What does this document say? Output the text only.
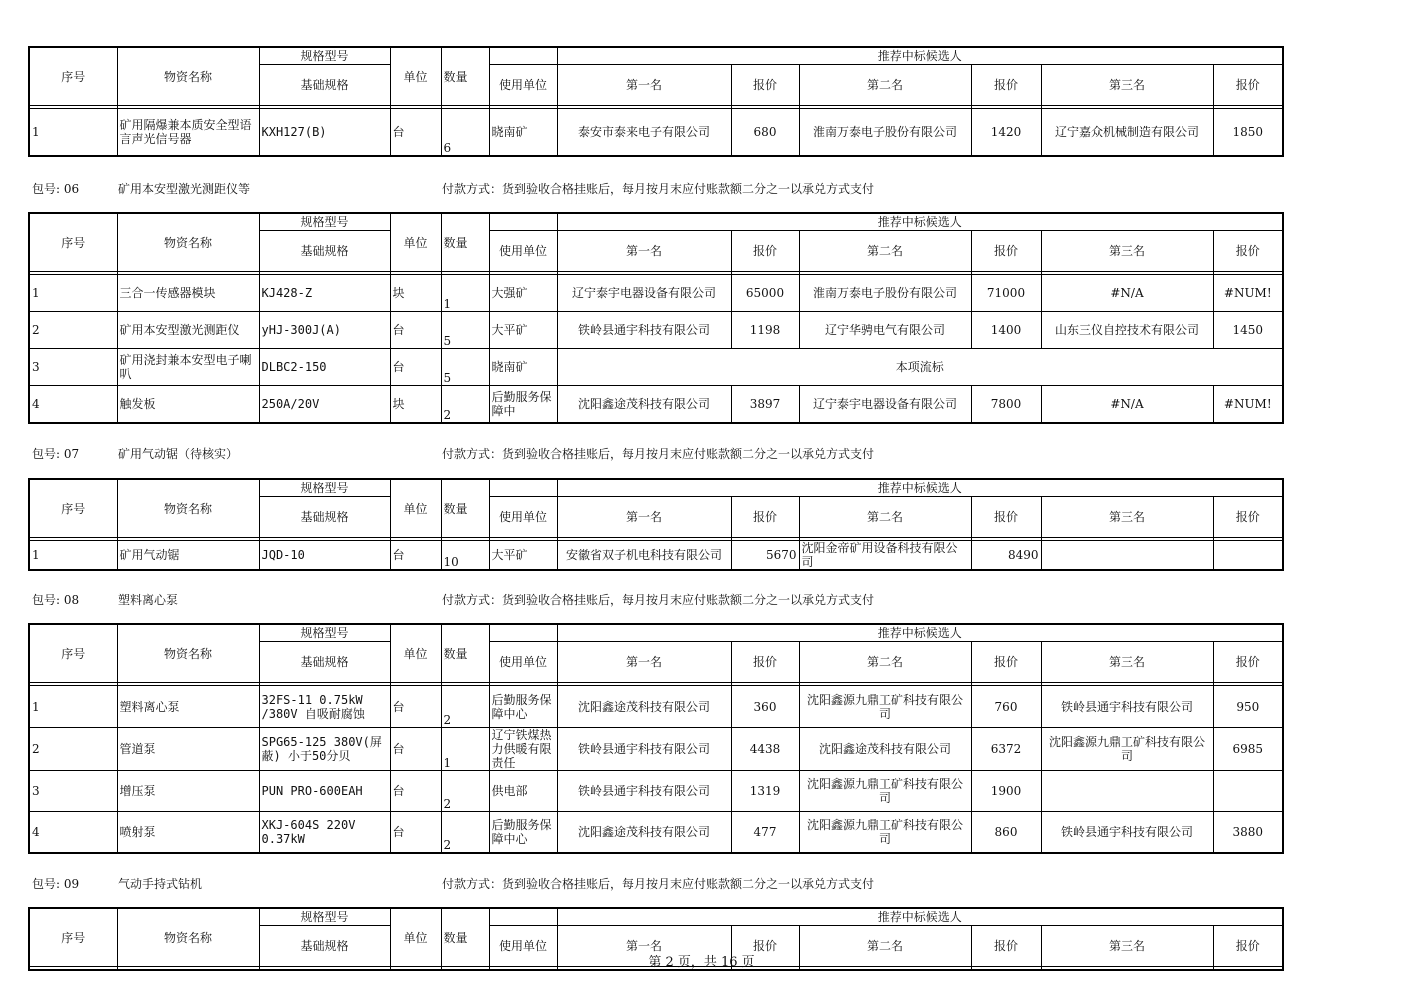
序号	物资名称	规格型号	单位	数量		推荐中标候选人					
		基础规格			使用单位	第一名	报价	第二名	报价	第三名	报价

1	矿用隔爆兼本质安全型语言声光信号器	KXH127(B)	台	6	晓南矿	泰安市泰来电子有限公司	680	淮南万泰电子股份有限公司	1420	辽宁嘉众机械制造有限公司	1850
包号: 06	矿用本安型激光测距仪等	付款方式：货到验收合格挂账后，每月按月末应付账款额二分之一以承兑方式支付
序号	物资名称	规格型号	单位	数量		推荐中标候选人					
		基础规格			使用单位	第一名	报价	第二名	报价	第三名	报价

1	三合一传感器模块	KJ428-Z	块	1	大强矿	辽宁泰宇电器设备有限公司	65000	淮南万泰电子股份有限公司	71000	#N/A	#NUM!
2	矿用本安型激光测距仪	yHJ-300J(A)	台	5	大平矿	铁岭县通宇科技有限公司	1198	辽宁华骋电气有限公司	1400	山东三仪自控技术有限公司	1450
3	矿用浇封兼本安型电子喇叭	DLBC2-150	台	5	晓南矿	本项流标					
4	触发板	250A/20V	块	2	后勤服务保障中	沈阳鑫途茂科技有限公司	3897	辽宁泰宇电器设备有限公司	7800	#N/A	#NUM!
包号: 07	矿用气动锯（待核实）	付款方式：货到验收合格挂账后，每月按月末应付账款额二分之一以承兑方式支付
序号	物资名称	规格型号	单位	数量		推荐中标候选人					
		基础规格			使用单位	第一名	报价	第二名	报价	第三名	报价

1	矿用气动锯	JQD-10	台	10	大平矿	安徽省双子机电科技有限公司	5670	沈阳金帝矿用设备科技有限公司	8490		
包号: 08	塑料离心泵	付款方式：货到验收合格挂账后，每月按月末应付账款额二分之一以承兑方式支付
序号	物资名称	规格型号	单位	数量		推荐中标候选人					
		基础规格			使用单位	第一名	报价	第二名	报价	第三名	报价

1	塑料离心泵	32FS-11 0.75kW /380V 自吸耐腐蚀	台	2	后勤服务保障中心	沈阳鑫途茂科技有限公司	360	沈阳鑫源九鼎工矿科技有限公司	760	铁岭县通宇科技有限公司	950
2	管道泵	SPG65-125 380V(屏蔽) 小于50分贝	台	1	辽宁铁煤热力供暖有限责任	铁岭县通宇科技有限公司	4438	沈阳鑫途茂科技有限公司	6372	沈阳鑫源九鼎工矿科技有限公司	6985
3	增压泵	PUN PRO-600EAH	台	2	供电部	铁岭县通宇科技有限公司	1319	沈阳鑫源九鼎工矿科技有限公司	1900		
4	喷射泵	XKJ-604S 220V 0.37kW	台	2	后勤服务保障中心	沈阳鑫途茂科技有限公司	477	沈阳鑫源九鼎工矿科技有限公司	860	铁岭县通宇科技有限公司	3880
包号: 09	气动手持式钻机	付款方式：货到验收合格挂账后，每月按月末应付账款额二分之一以承兑方式支付
序号	物资名称	规格型号	单位	数量		推荐中标候选人					
		基础规格			使用单位	第一名	报价	第二名	报价	第三名	报价

第 2 页，共 16 页
